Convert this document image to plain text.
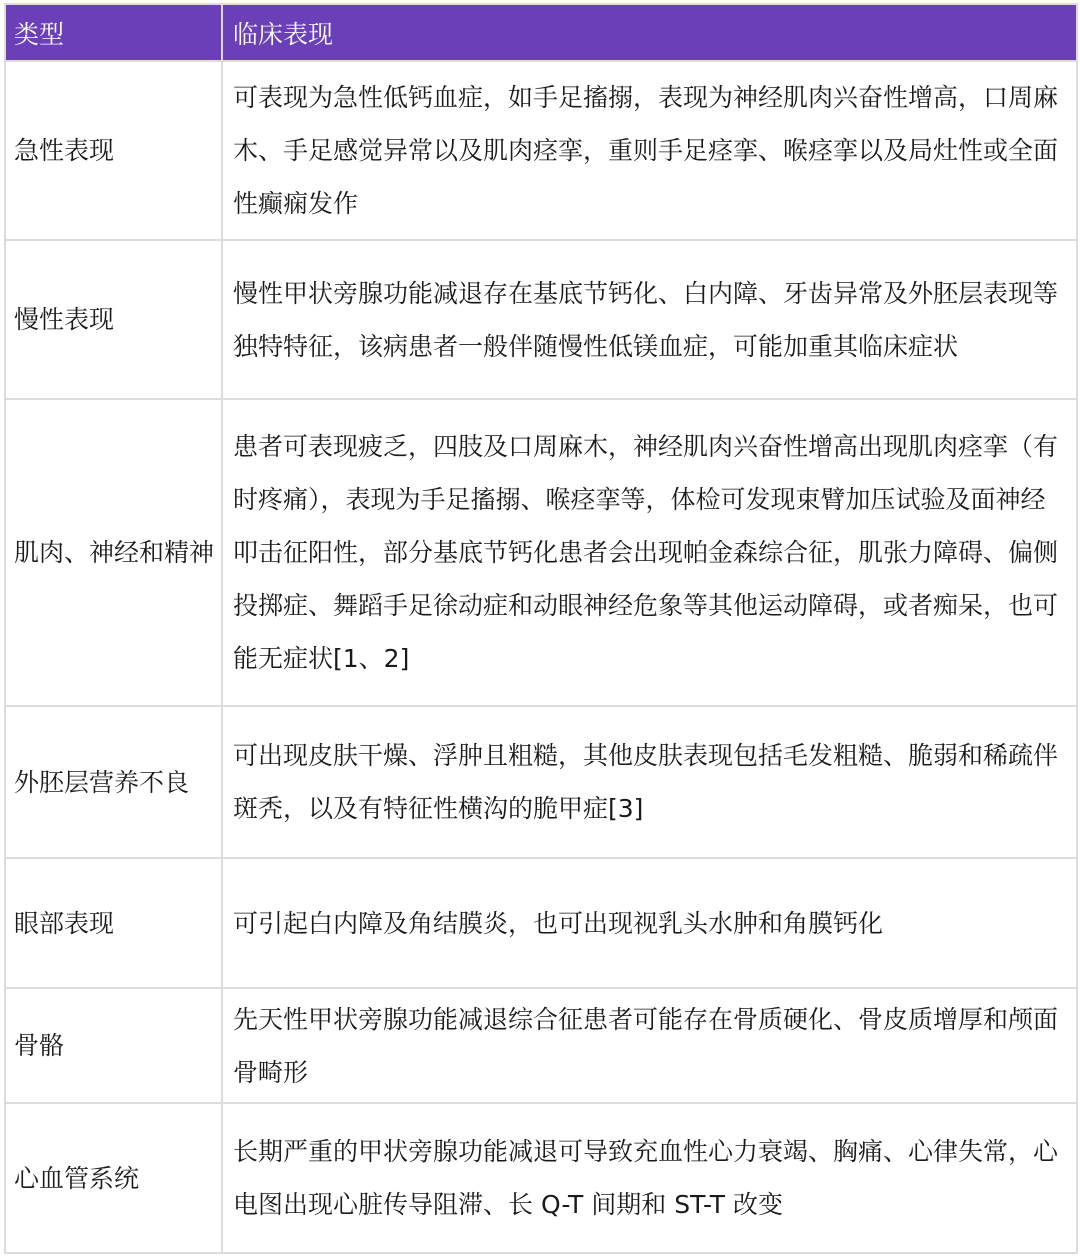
类型	临床表现
急性表现	可表现为急性低钙血症，如手足搐搦，表现为神经肌肉兴奋性增高，口周麻木、手足感觉异常以及肌肉痉挛，重则手足痉挛、喉痉挛以及局灶性或全面性癫痫发作
慢性表现	慢性甲状旁腺功能减退存在基底节钙化、白内障、牙齿异常及外胚层表现等独特特征，该病患者一般伴随慢性低镁血症，可能加重其临床症状
肌肉、神经和精神	患者可表现疲乏，四肢及口周麻木，神经肌肉兴奋性增高出现肌肉痉挛（有时疼痛），表现为手足搐搦、喉痉挛等，体检可发现束臂加压试验及面神经叩击征阳性，部分基底节钙化患者会出现帕金森综合征，肌张力障碍、偏侧投掷症、舞蹈手足徐动症和动眼神经危象等其他运动障碍，或者痴呆，也可能无症状[1、2]
外胚层营养不良	可出现皮肤干燥、浮肿且粗糙，其他皮肤表现包括毛发粗糙、脆弱和稀疏伴斑秃，以及有特征性横沟的脆甲症[3]
眼部表现	可引起白内障及角结膜炎，也可出现视乳头水肿和角膜钙化
骨骼	先天性甲状旁腺功能减退综合征患者可能存在骨质硬化、骨皮质增厚和颅面骨畸形
心血管系统	长期严重的甲状旁腺功能减退可导致充血性心力衰竭、胸痛、心律失常，心电图出现心脏传导阻滞、长 Q-T 间期和 ST-T 改变
